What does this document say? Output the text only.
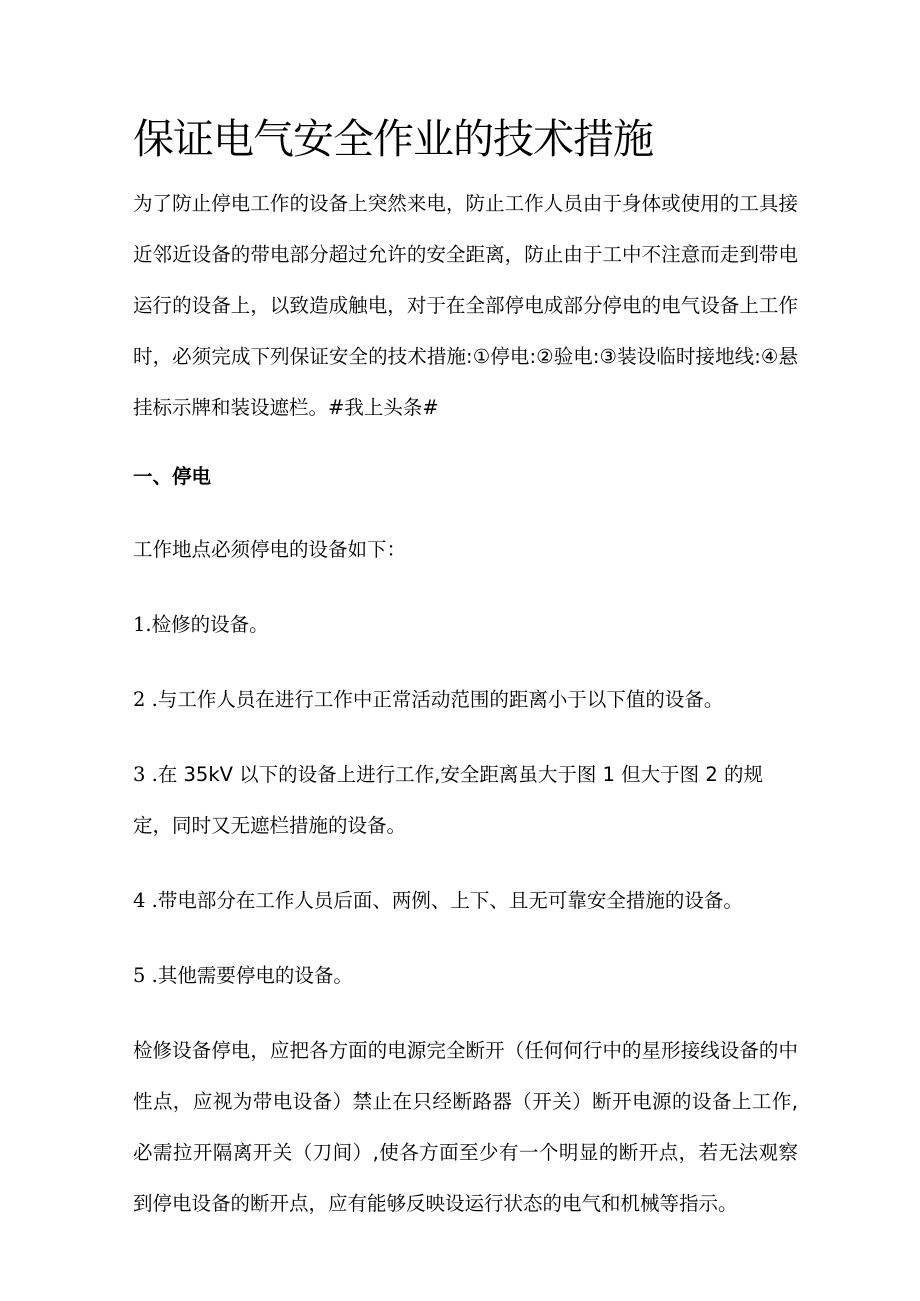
保证电气安全作业的技术措施

为了防止停电工作的设备上突然来电，防止工作人员由于身体或使用的工具接近邻近设备的带电部分超过允许的安全距离，防止由于工中不注意而走到带电运行的设备上，以致造成触电，对于在全部停电成部分停电的电气设备上工作时，必须完成下列保证安全的技术措施:①停电:②验电:③装设临时接地线:④悬挂标示牌和装设遮栏。#我上头条#

一、停电

工作地点必须停电的设备如下：

1.检修的设备。

2 .与工作人员在进行工作中正常活动范围的距离小于以下值的设备。

3 .在 35kV 以下的设备上进行工作,安全距离虽大于图 1 但大于图 2 的规定，同时又无遮栏措施的设备。

4 .带电部分在工作人员后面、两例、上下、且无可靠安全措施的设备。

5 .其他需要停电的设备。

检修设备停电，应把各方面的电源完全断开（任何何行中的星形接线设备的中性点，应视为带电设备）禁止在只经断路器（开关）断开电源的设备上工作,必需拉开隔离开关（刀间）,使各方面至少有一个明显的断开点，若无法观察到停电设备的断开点，应有能够反映设运行状态的电气和机械等指示。
